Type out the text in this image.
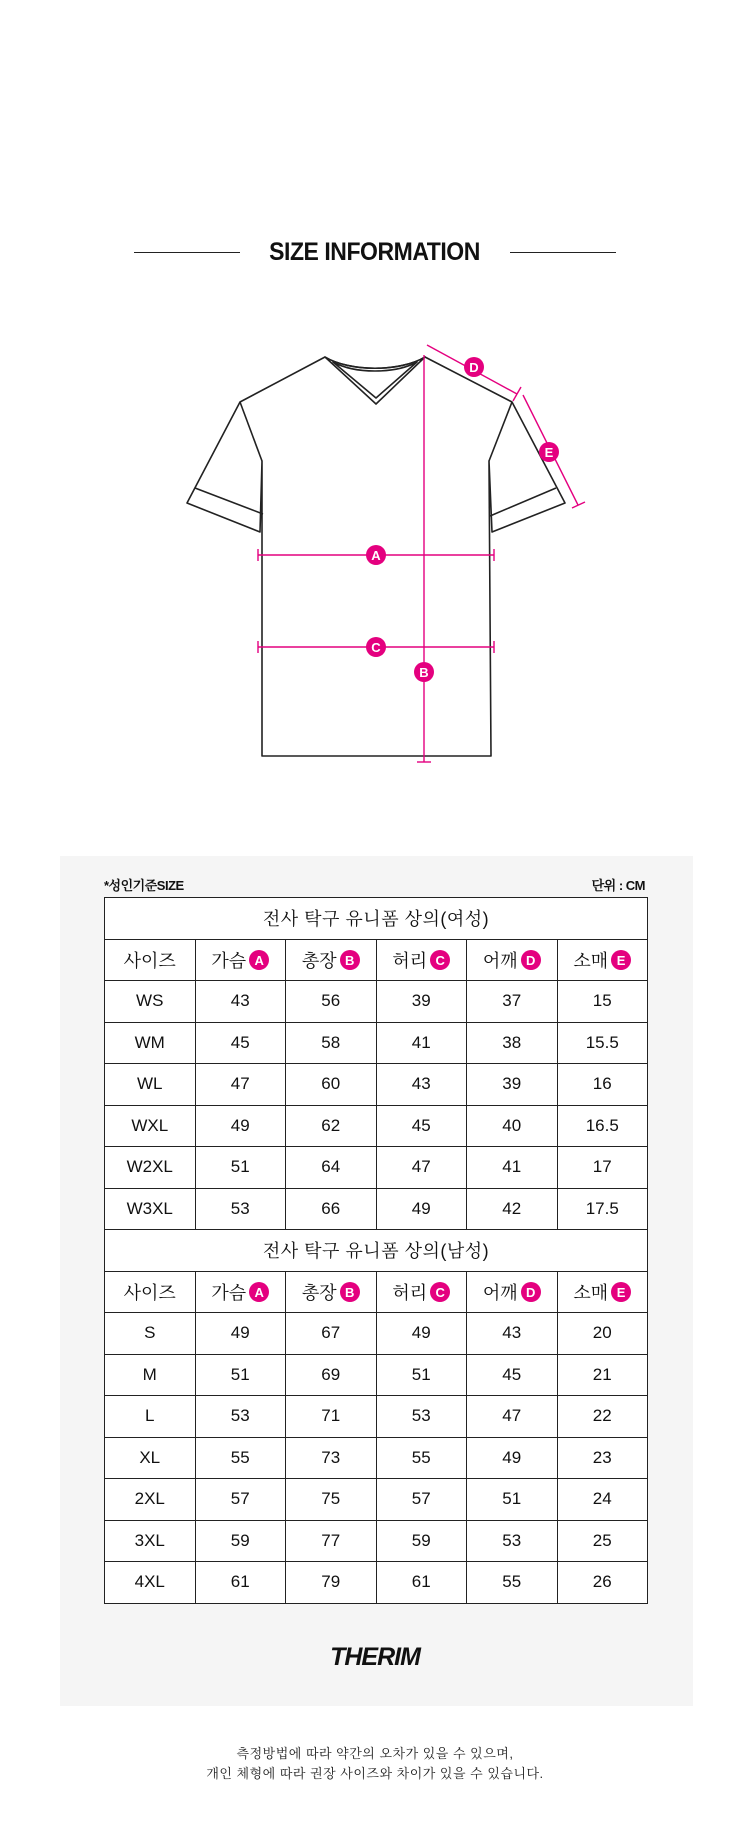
SIZE INFORMATION
A
C
B
D
E
*성인기준SIZE	단위 : CM
전사 탁구 유니폼 상의(여성)					
사이즈	가슴 A	총장 B	허리 C	어깨 D	소매 E
WS	43	56	39	37	15
WM	45	58	41	38	15.5
WL	47	60	43	39	16
WXL	49	62	45	40	16.5
W2XL	51	64	47	41	17
W3XL	53	66	49	42	17.5
전사 탁구 유니폼 상의(남성)					
사이즈	가슴 A	총장 B	허리 C	어깨 D	소매 E
S	49	67	49	43	20
M	51	69	51	45	21
L	53	71	53	47	22
XL	55	73	55	49	23
2XL	57	75	57	51	24
3XL	59	77	59	53	25
4XL	61	79	61	55	26
THERIM
측정방법에 따라 약간의 오차가 있을 수 있으며,
개인 체형에 따라 권장 사이즈와 차이가 있을 수 있습니다.
